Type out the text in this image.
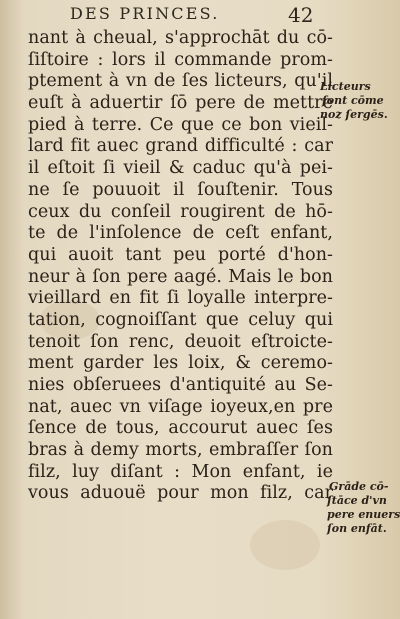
DES PRINCES.	42
nant à cheual, s'approchāt du cō-
ſiſtoire : lors il commande prom-
ptement à vn de ſes licteurs, qu'il
euſt à aduertir ſō pere de mettre
pied à terre. Ce que ce bon vieil-
lard fit auec grand difficulté : car
il eſtoit ſi vieil & caduc qu'à pei-
ne ſe pouuoit il ſouſtenir. Tous
ceux du conſeil rougirent de hō-
te de l'inſolence de ceſt enfant,
qui auoit tant peu porté d'hon-
neur à ſon pere aagé. Mais le bon
vieillard en fit ſi loyalle interpre-
tation, cognoiſſant que celuy qui
tenoit ſon renc, deuoit eſtroicte-
ment garder les loix, & ceremo-
nies obſeruees d'antiquité au Se-
nat, auec vn viſage ioyeux,en pre
ſence de tous, accourut auec ſes
bras à demy morts, embraſſer ſon
filz, luy diſant : Mon enfant, ie
vous aduouë pour mon filz, car
Licteurs
ſont cōme
noz ſergēs.
Grāde cō-
ſtāce d'vn
pere enuers
ſon enfāt.
